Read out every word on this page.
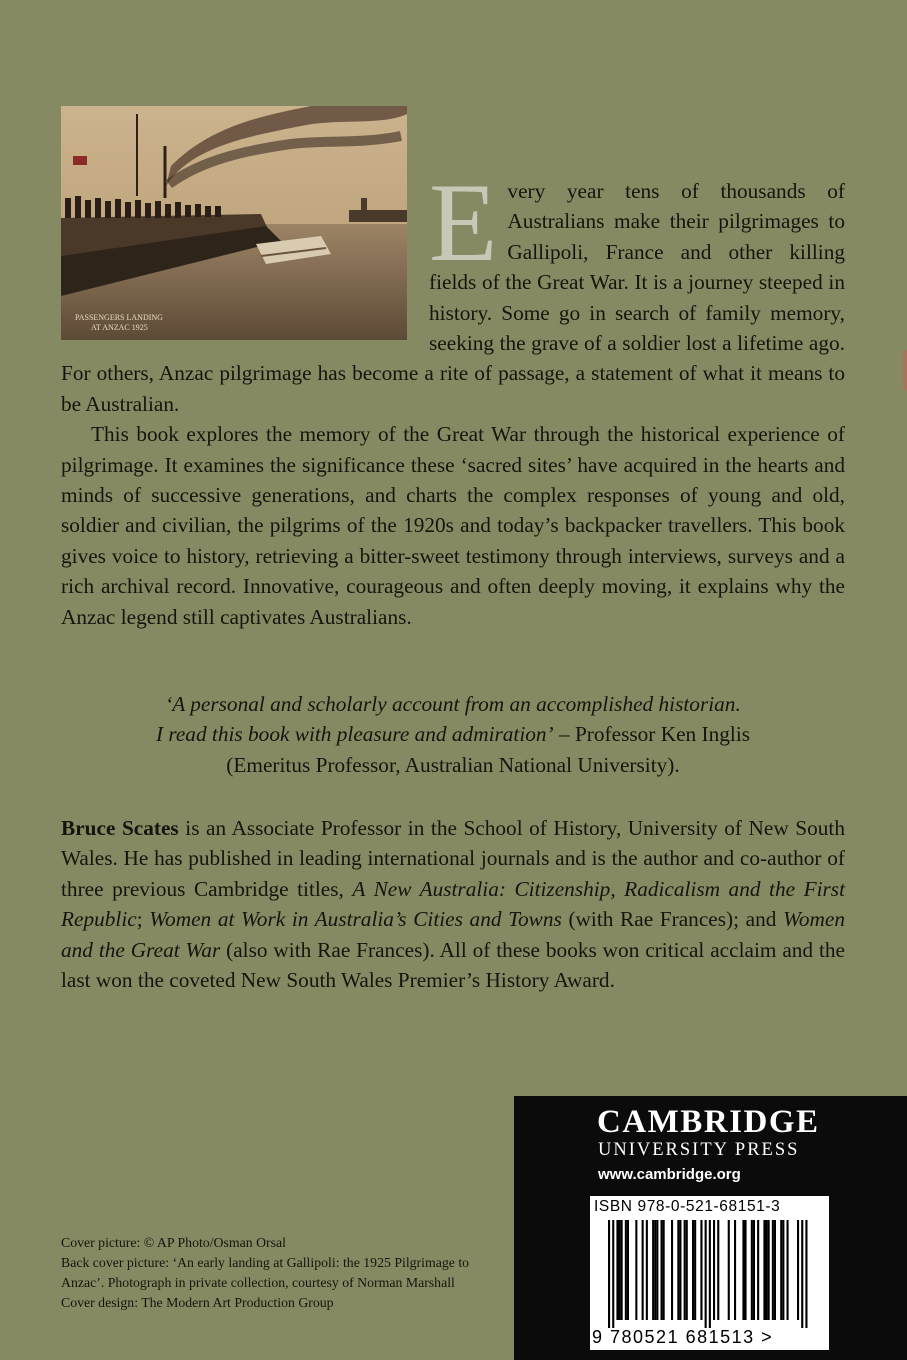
PASSENGERS LANDING
AT ANZAC 1925
E very year tens of thousands of Australians make their pilgrimages to Gallipoli, France and other killing fields of the Great War. It is a journey steeped in history. Some go in search of family memory, seeking the grave of a soldier lost a lifetime ago. For others, Anzac pilgrimage has become a rite of passage, a statement of what it means to be Australian.

This book explores the memory of the Great War through the historical experience of pilgrimage. It examines the significance these ‘sacred sites’ have acquired in the hearts and minds of successive generations, and charts the complex responses of young and old, soldier and civilian, the pilgrims of the 1920s and today’s backpacker travellers. This book gives voice to history, retrieving a bitter-sweet testimony through interviews, surveys and a rich archival record. Innovative, courageous and often deeply moving, it explains why the Anzac legend still captivates Australians.

‘A personal and scholarly account from an accomplished historian.
I read this book with pleasure and admiration’ – Professor Ken Inglis
(Emeritus Professor, Australian National University).
Bruce Scates is an Associate Professor in the School of History, University of New South Wales. He has published in leading international journals and is the author and co-author of three previous Cambridge titles, A New Australia: Citizenship, Radicalism and the First Republic; Women at Work in Australia’s Cities and Towns (with Rae Frances); and Women and the Great War (also with Rae Frances). All of these books won critical acclaim and the last won the coveted New South Wales Premier’s History Award.
Cover picture: © AP Photo/Osman Orsal
Back cover picture: ‘An early landing at Gallipoli: the 1925 Pilgrimage to
Anzac’. Photograph in private collection, courtesy of Norman Marshall
Cover design: The Modern Art Production Group
CAMBRIDGE
UNIVERSITY PRESS
www.cambridge.org
ISBN 978-0-521-68151-3
9 780521 681513 >
